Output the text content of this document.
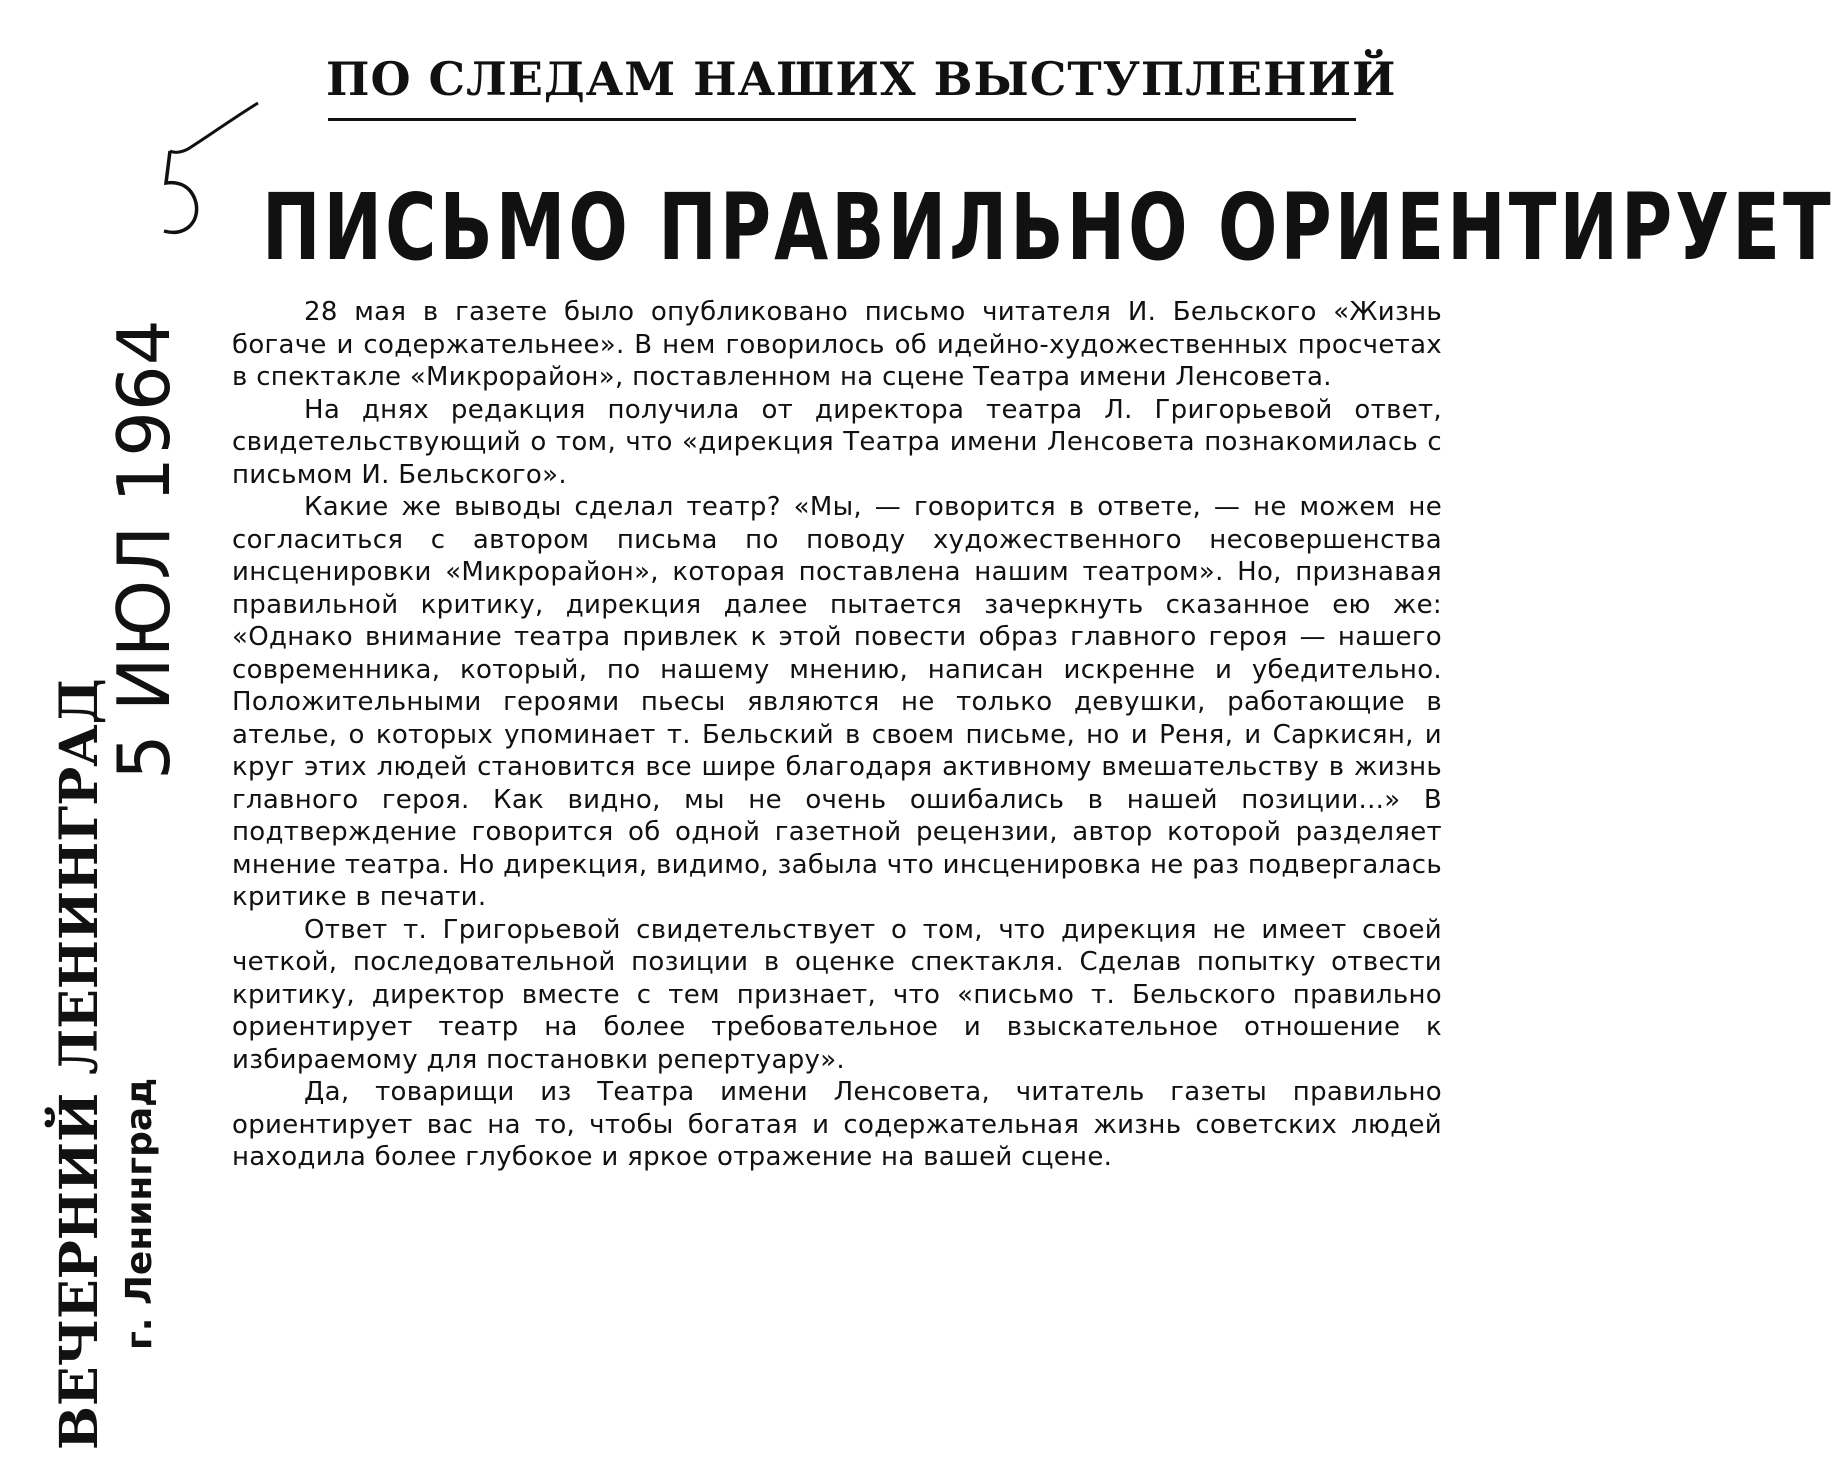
ПО СЛЕДАМ НАШИХ ВЫСТУПЛЕНИЙ
ПИСЬМО ПРАВИЛЬНО ОРИЕНТИРУЕТ

28 мая в газете было опубликовано письмо читателя И. Бельского «Жизнь богаче и содержательнее». В нем говорилось об идейно-художественных просчетах в спектакле «Микрорайон», поставленном на сцене Театра имени Ленсовета.

На днях редакция получила от директора театра Л. Григорьевой ответ, свидетельствующий о том, что «дирекция Театра имени Ленсовета познакомилась с письмом И. Бельского».

Какие же выводы сделал театр? «Мы, — говорится в ответе, — не можем не согласиться с автором письма по поводу художественного несовершенства инсценировки «Микрорайон», которая поставлена нашим театром». Но, признавая правильной критику, дирекция далее пытается зачеркнуть сказанное ею же: «Однако внимание театра привлек к этой повести образ главного героя — нашего современника, который, по нашему мнению, написан искренне и убедительно. Положительными героями пьесы являются не только девушки, работающие в ателье, о которых упоминает т. Бельский в своем письме, но и Реня, и Саркисян, и круг этих людей становится все шире благодаря активному вмешательству в жизнь главного героя. Как видно, мы не очень ошибались в нашей позиции...» В подтверждение говорится об одной газетной рецензии, автор которой разделяет мнение театра. Но дирекция, видимо, забыла что инсценировка не раз подвергалась критике в печати.

Ответ т. Григорьевой свидетельствует о том, что дирекция не имеет своей четкой, последовательной позиции в оценке спектакля. Сделав попытку отвести критику, директор вместе с тем признает, что «письмо т. Бельского правильно ориентирует театр на более требовательное и взыскательное отношение к избираемому для постановки репертуару».

Да, товарищи из Театра имени Ленсовета, читатель газеты правильно ориентирует вас на то, чтобы богатая и содержательная жизнь советских людей находила более глубокое и яркое отражение на вашей сцене.

5 ИЮЛ 1964
ВЕЧЕРНИЙ ЛЕНИНГРАД г. Ленинград
